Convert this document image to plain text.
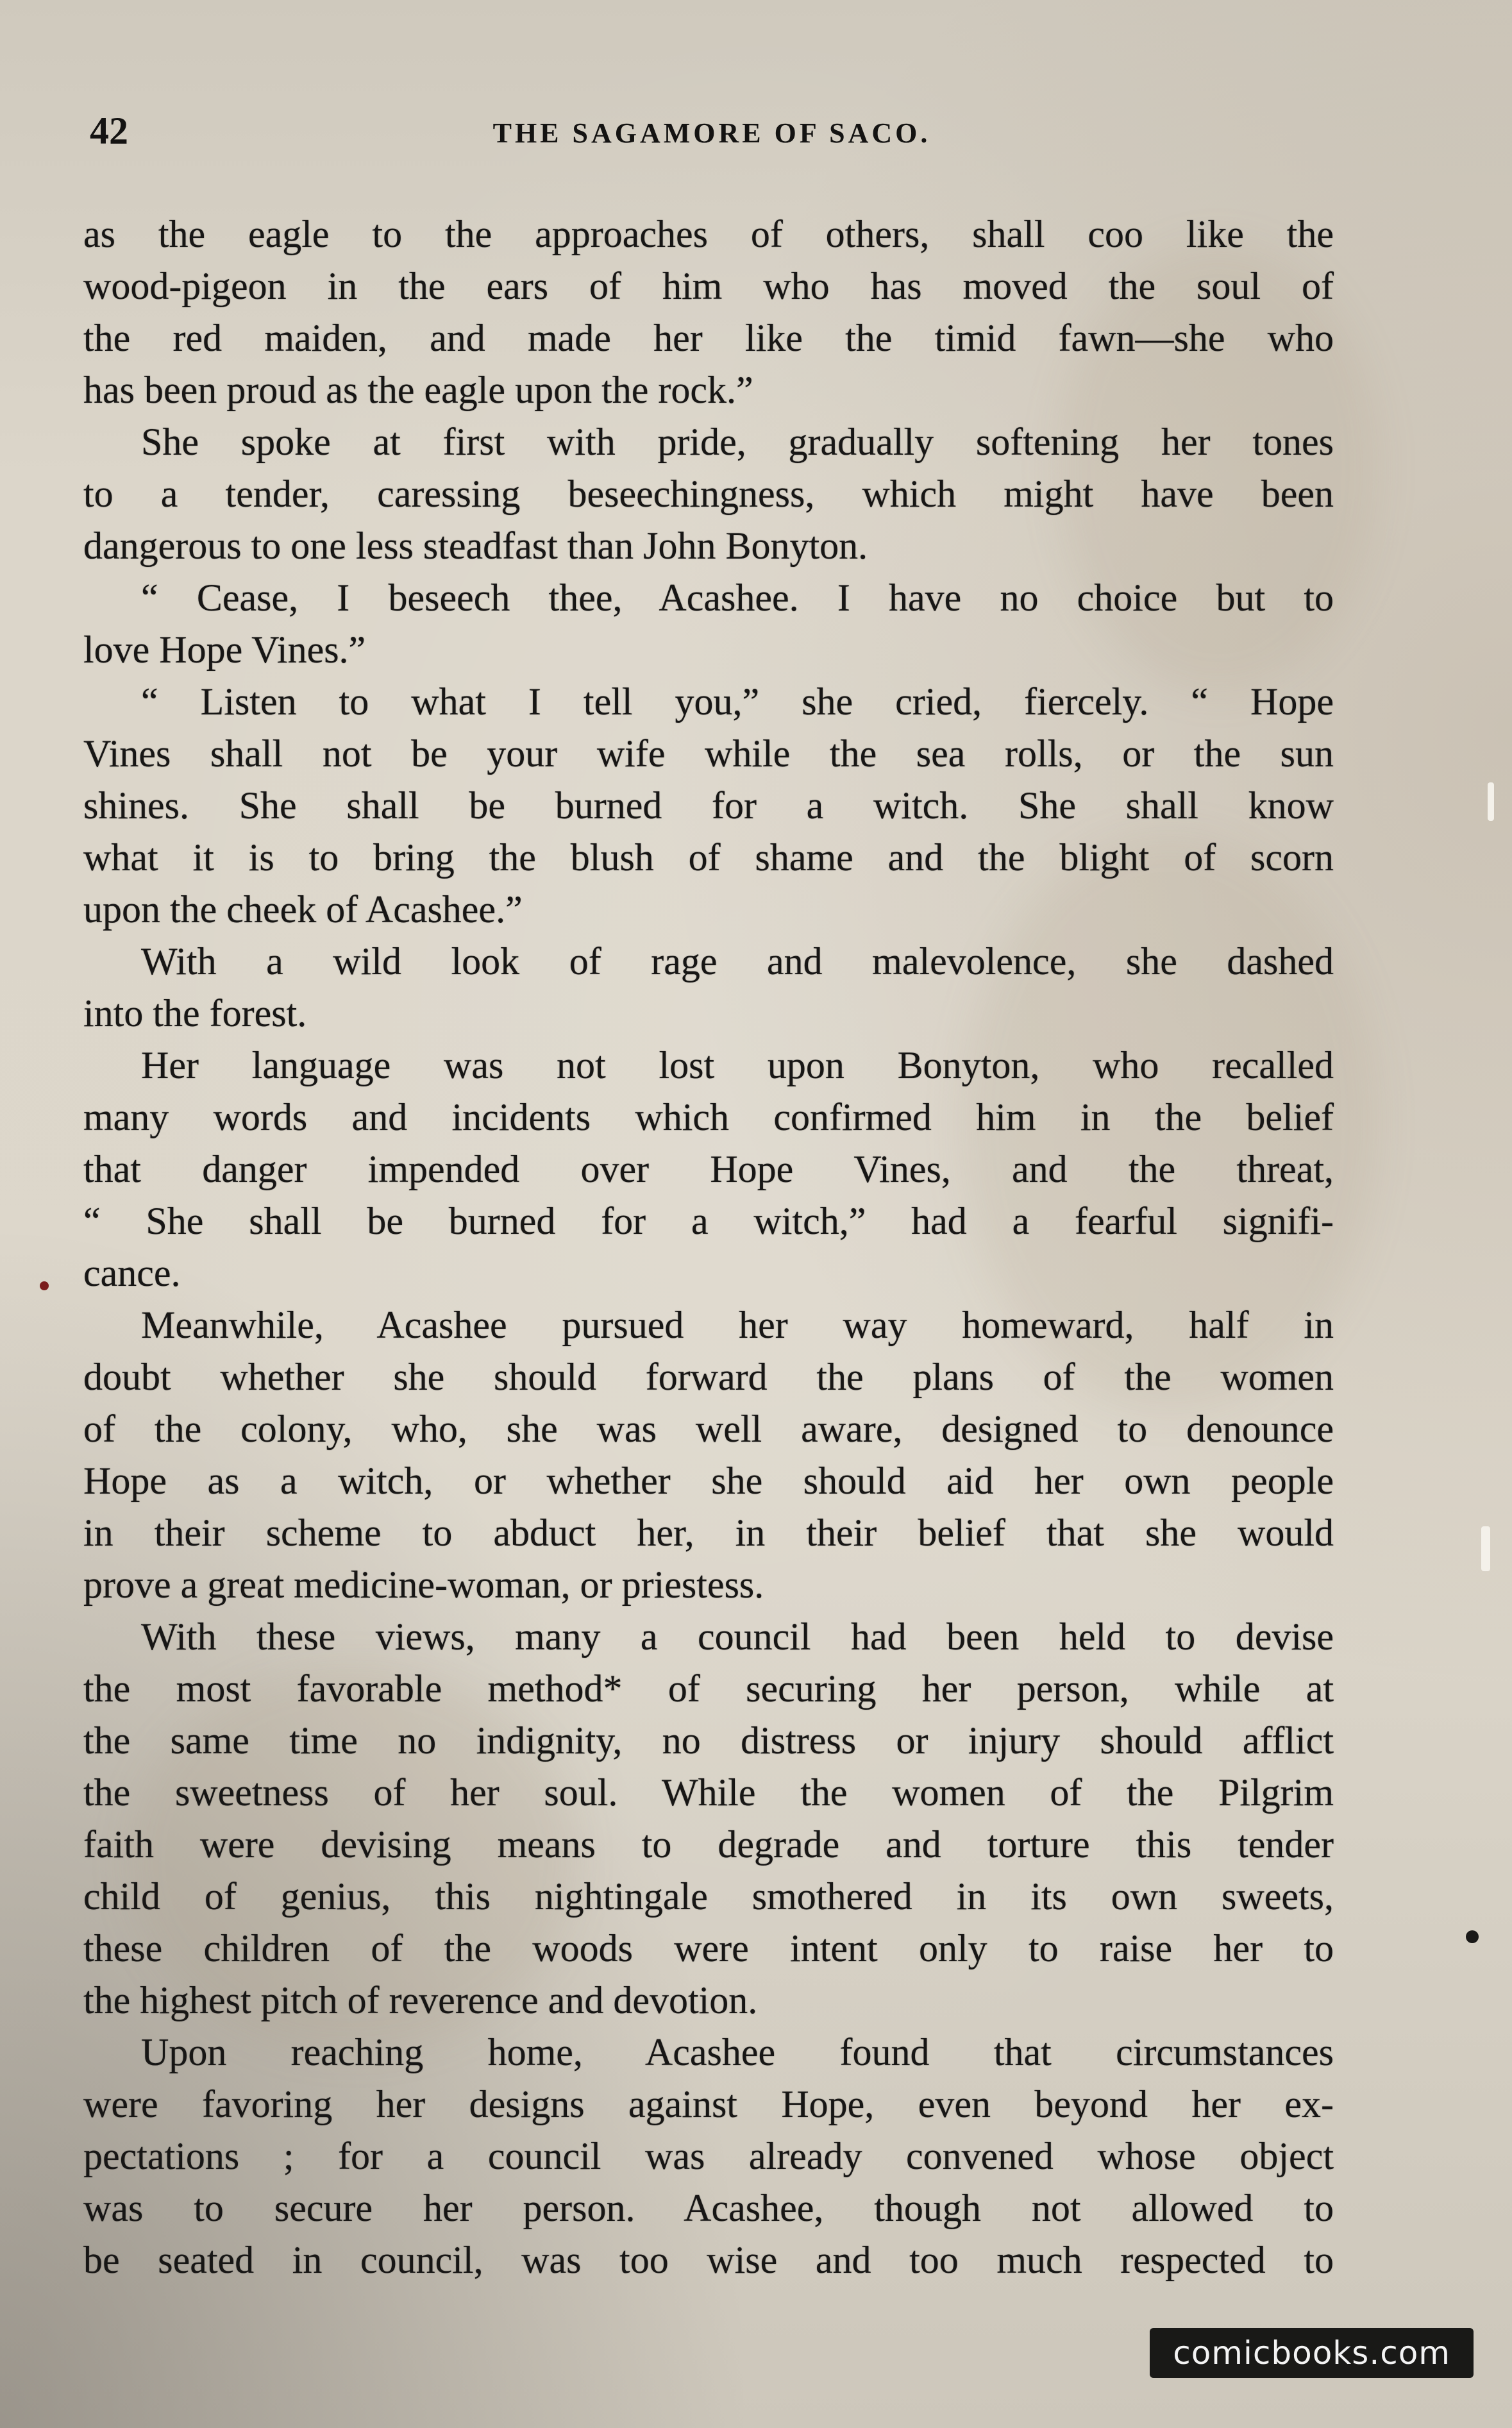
42	THE SAGAMORE OF SACO.
as the eagle to the approaches of others, shall coo like the
wood-pigeon in the ears of him who has moved the soul of
the red maiden, and made her like the timid fawn—she who
has been proud as the eagle upon the rock.”
She spoke at first with pride, gradually softening her tones
to a tender, caressing beseechingness, which might have been
dangerous to one less steadfast than John Bonyton.
“ Cease, I beseech thee, Acashee. I have no choice but to
love Hope Vines.”
“ Listen to what I tell you,” she cried, fiercely. “ Hope
Vines shall not be your wife while the sea rolls, or the sun
shines. She shall be burned for a witch. She shall know
what it is to bring the blush of shame and the blight of scorn
upon the cheek of Acashee.”
With a wild look of rage and malevolence, she dashed
into the forest.
Her language was not lost upon Bonyton, who recalled
many words and incidents which confirmed him in the belief
that danger impended over Hope Vines, and the threat,
“ She shall be burned for a witch,” had a fearful signifi-
cance.
Meanwhile, Acashee pursued her way homeward, half in
doubt whether she should forward the plans of the women
of the colony, who, she was well aware, designed to denounce
Hope as a witch, or whether she should aid her own people
in their scheme to abduct her, in their belief that she would
prove a great medicine-woman, or priestess.
With these views, many a council had been held to devise
the most favorable method* of securing her person, while at
the same time no indignity, no distress or injury should afflict
the sweetness of her soul. While the women of the Pilgrim
faith were devising means to degrade and torture this tender
child of genius, this nightingale smothered in its own sweets,
these children of the woods were intent only to raise her to
the highest pitch of reverence and devotion.
Upon reaching home, Acashee found that circumstances
were favoring her designs against Hope, even beyond her ex-
pectations ; for a council was already convened whose object
was to secure her person. Acashee, though not allowed to
be seated in council, was too wise and too much respected to
comicbooks.com
